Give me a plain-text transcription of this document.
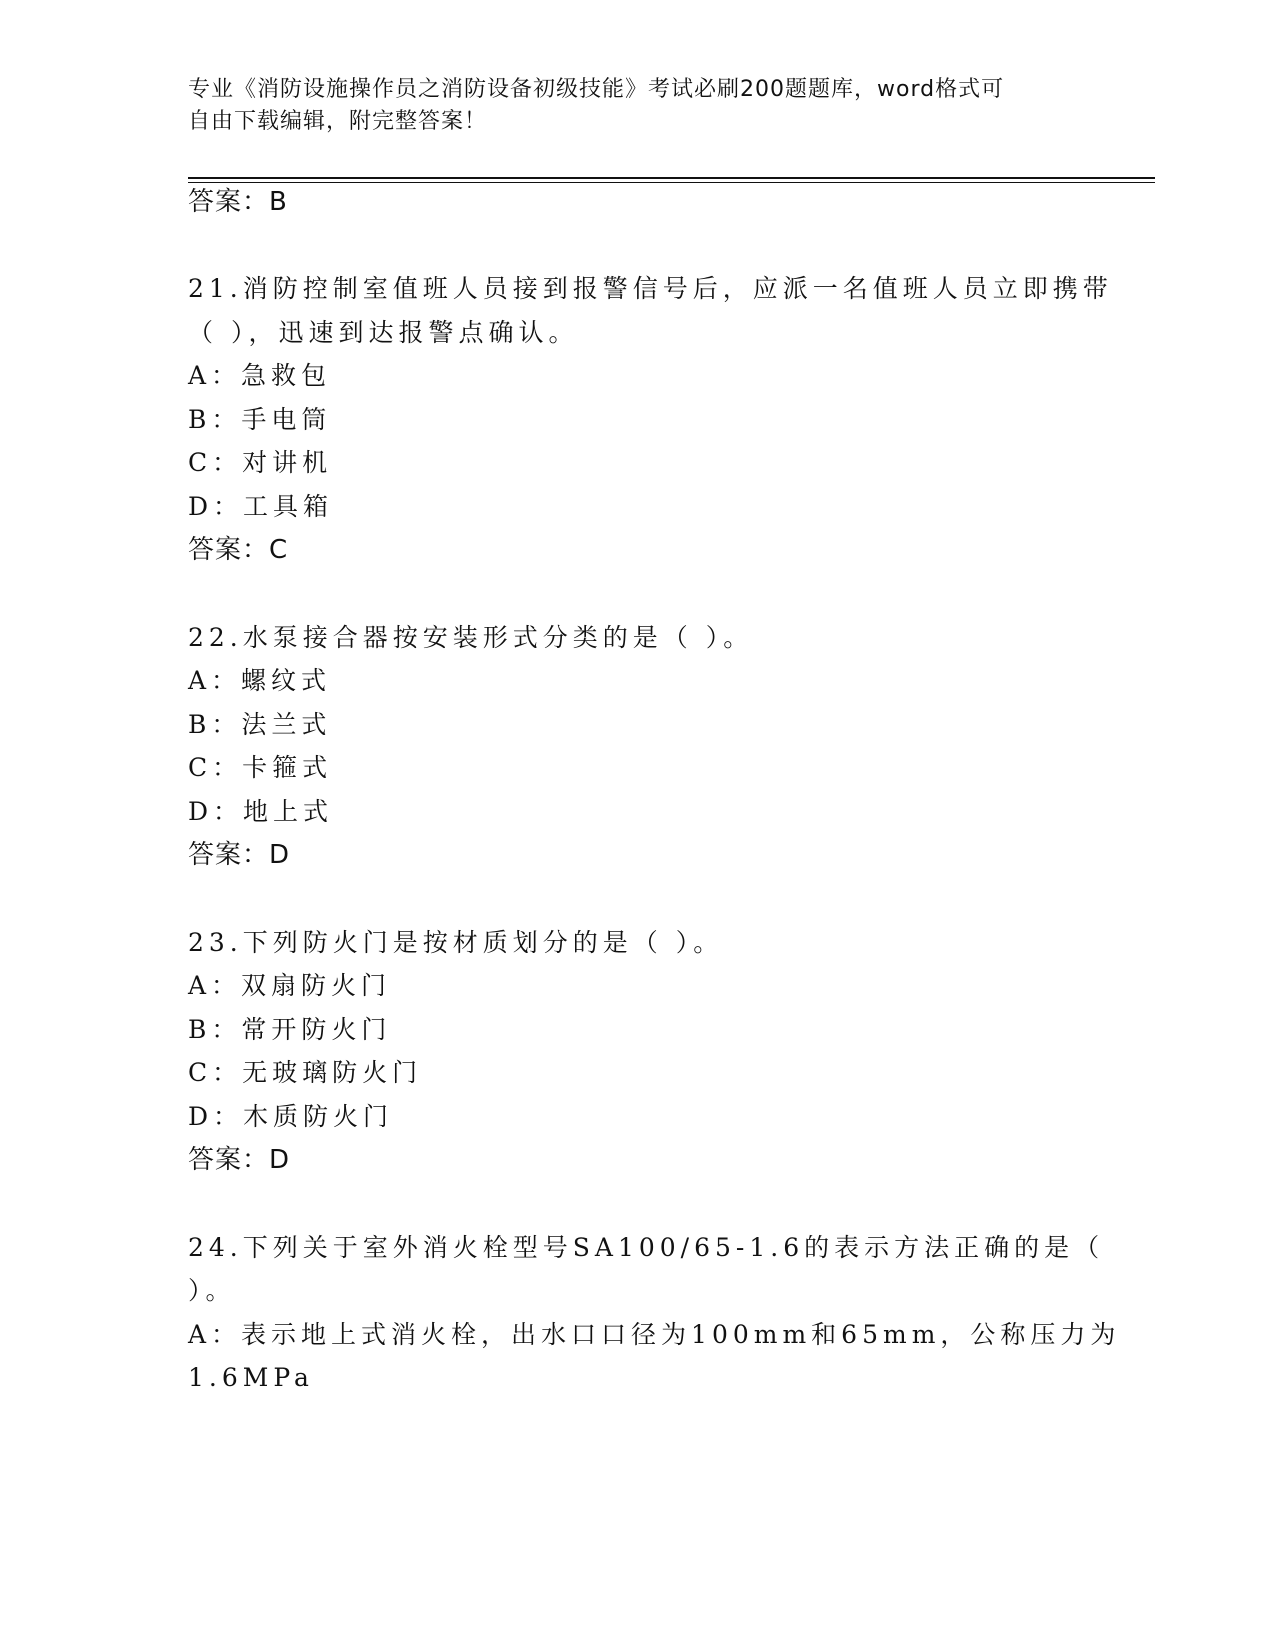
专业《消防设施操作员之消防设备初级技能》考试必刷200题题库，word格式可
自由下载编辑，附完整答案！
答案：B
21.消防控制室值班人员接到报警信号后，应派一名值班人员立即携带
（ ），迅速到达报警点确认。
A：急救包
B：手电筒
C：对讲机
D：工具箱
答案：C
22.水泵接合器按安装形式分类的是（ ）。
A：螺纹式
B：法兰式
C：卡箍式
D：地上式
答案：D
23.下列防火门是按材质划分的是（ ）。
A：双扇防火门
B：常开防火门
C：无玻璃防火门
D：木质防火门
答案：D
24.下列关于室外消火栓型号SA100/65-1.6的表示方法正确的是（
）。
A：表示地上式消火栓，出水口口径为100mm和65mm，公称压力为
1.6MPa
